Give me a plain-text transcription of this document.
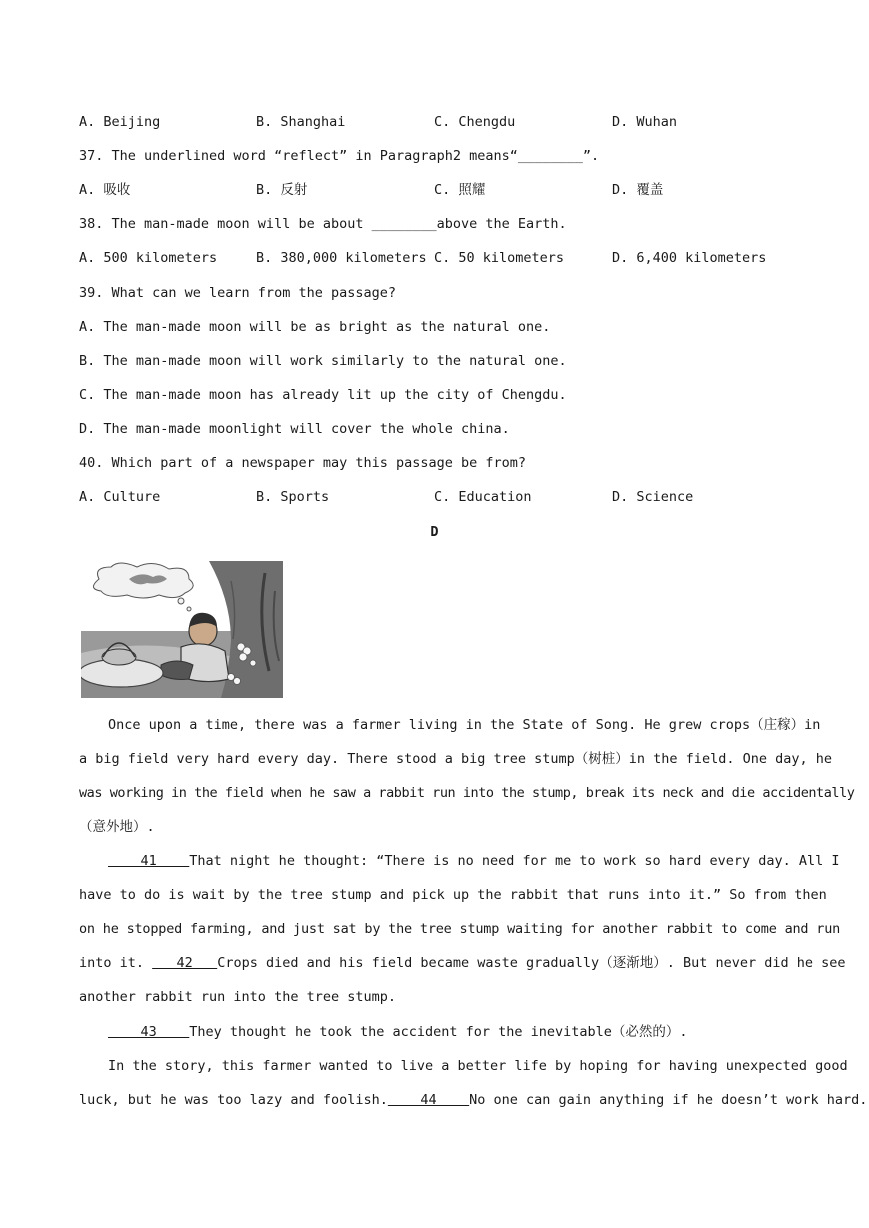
A. Beijing	B. Shanghai	C. Chengdu	D. Wuhan
37. The underlined word “reflect” in Paragraph2 means“________”.
A. 吸收	B. 反射	C. 照耀	D. 覆盖
38. The man-made moon will be about ________above the Earth.
A. 500 kilometers	B. 380,000 kilometers C. 50 kilometers	D. 6,400 kilometers
39. What can we learn from the passage?
A. The man-made moon will be as bright as the natural one.
B. The man-made moon will work similarly to the natural one.
C. The man-made moon has already lit up the city of Chengdu.
D. The man-made moonlight will cover the whole china.
40. Which part of a newspaper may this passage be from?
A. Culture	B. Sports	C. Education	D. Science
D
Once upon a time, there was a farmer living in the State of Song. He grew crops（庄稼）in
a big field very hard every day. There stood a big tree stump（树桩）in the field. One day, he
was working in the field when he saw a rabbit run into the stump, break its neck and die accidentally
（意外地）.
41    That night he thought: “There is no need for me to work so hard every day. All I
have to do is wait by the tree stump and pick up the rabbit that runs into it.” So from then
on he stopped farming, and just sat by the tree stump waiting for another rabbit to come and run
into it.    42   Crops died and his field became waste gradually（逐渐地）. But never did he see
another rabbit run into the tree stump.
43    They thought he took the accident for the inevitable（必然的）.
In the story, this farmer wanted to live a better life by hoping for having unexpected good
luck, but he was too lazy and foolish.    44    No one can gain anything if he doesn’t work hard.
